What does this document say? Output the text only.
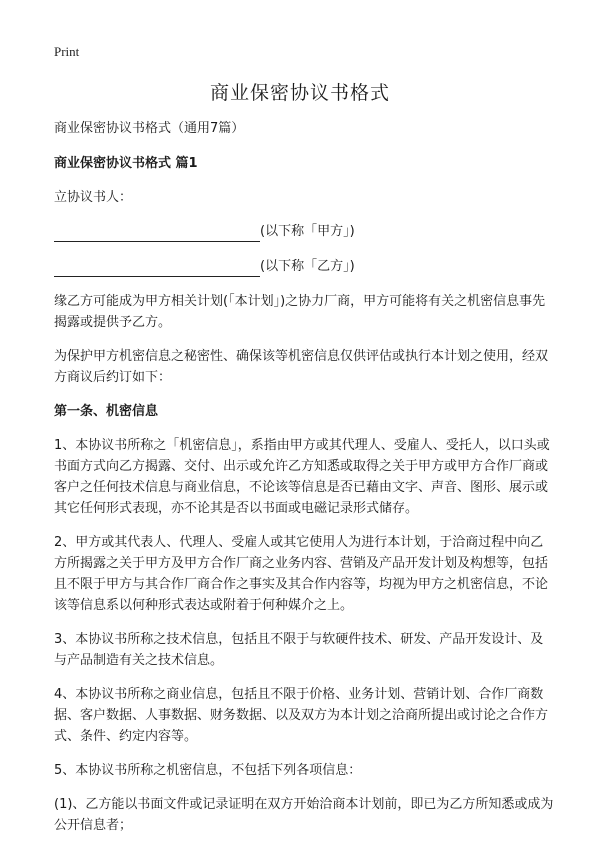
Print
商业保密协议书格式

商业保密协议书格式（通用7篇）

商业保密协议书格式 篇1

立协议书人：

(以下称「甲方」)
(以下称「乙方」)

缘乙方可能成为甲方相关计划(「本计划」)之协力厂商，甲方可能将有关之机密信息事先揭露或提供予乙方。

为保护甲方机密信息之秘密性、确保该等机密信息仅供评估或执行本计划之使用，经双方商议后约订如下：

第一条、机密信息

1、本协议书所称之「机密信息」，系指由甲方或其代理人、受雇人、受托人，以口头或书面方式向乙方揭露、交付、出示或允许乙方知悉或取得之关于甲方或甲方合作厂商或客户之任何技术信息与商业信息，不论该等信息是否已藉由文字、声音、图形、展示或其它任何形式表现，亦不论其是否以书面或电磁记录形式储存。

2、甲方或其代表人、代理人、受雇人或其它使用人为进行本计划，于洽商过程中向乙方所揭露之关于甲方及甲方合作厂商之业务内容、营销及产品开发计划及构想等，包括且不限于甲方与其合作厂商合作之事实及其合作内容等，均视为甲方之机密信息，不论该等信息系以何种形式表达或附着于何种媒介之上。

3、本协议书所称之技术信息，包括且不限于与软硬件技术、研发、产品开发设计、及与产品制造有关之技术信息。

4、本协议书所称之商业信息，包括且不限于价格、业务计划、营销计划、合作厂商数据、客户数据、人事数据、财务数据、以及双方为本计划之洽商所提出或讨论之合作方式、条件、约定内容等。

5、本协议书所称之机密信息，不包括下列各项信息：

(1)、乙方能以书面文件或记录证明在双方开始洽商本计划前，即已为乙方所知悉或成为公开信息者；
